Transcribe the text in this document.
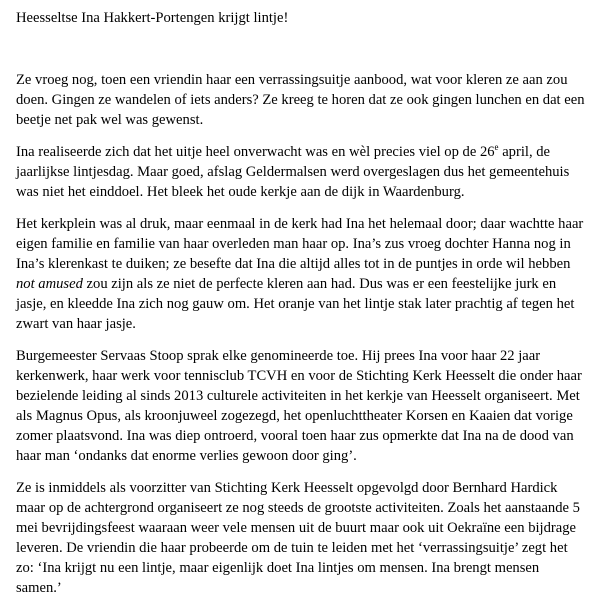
Heesseltse Ina Hakkert-Portengen krijgt lintje!
Ze vroeg nog, toen een vriendin haar een verrassingsuitje aanbood, wat voor kleren ze aan zou
doen. Gingen ze wandelen of iets anders? Ze kreeg te horen dat ze ook gingen lunchen en dat een
beetje net pak wel was gewenst.
Ina realiseerde zich dat het uitje heel onverwacht was en wèl precies viel op de 26e april, de
jaarlijkse lintjesdag. Maar goed, afslag Geldermalsen werd overgeslagen dus het gemeentehuis
was niet het einddoel. Het bleek het oude kerkje aan de dijk in Waardenburg.
Het kerkplein was al druk, maar eenmaal in de kerk had Ina het helemaal door; daar wachtte haar
eigen familie en familie van haar overleden man haar op. Ina’s zus vroeg dochter Hanna nog in
Ina’s klerenkast te duiken; ze besefte dat Ina die altijd alles tot in de puntjes in orde wil hebben
not amused zou zijn als ze niet de perfecte kleren aan had. Dus was er een feestelijke jurk en
jasje, en kleedde Ina zich nog gauw om. Het oranje van het lintje stak later prachtig af tegen het
zwart van haar jasje.
Burgemeester Servaas Stoop sprak elke genomineerde toe. Hij prees Ina voor haar 22 jaar
kerkenwerk, haar werk voor tennisclub TCVH en voor de Stichting Kerk Heesselt die onder haar
bezielende leiding al sinds 2013 culturele activiteiten in het kerkje van Heesselt organiseert. Met
als Magnus Opus, als kroonjuweel zogezegd, het openluchttheater Korsen en Kaaien dat vorige
zomer plaatsvond. Ina was diep ontroerd, vooral toen haar zus opmerkte dat Ina na de dood van
haar man ‘ondanks dat enorme verlies gewoon door ging’.
Ze is inmiddels als voorzitter van Stichting Kerk Heesselt opgevolgd door Bernhard Hardick
maar op de achtergrond organiseert ze nog steeds de grootste activiteiten. Zoals het aanstaande 5
mei bevrijdingsfeest waaraan weer vele mensen uit de buurt maar ook uit Oekraïne een bijdrage
leveren. De vriendin die haar probeerde om de tuin te leiden met het ‘verrassingsuitje’ zegt het
zo: ‘Ina krijgt nu een lintje, maar eigenlijk doet Ina lintjes om mensen. Ina brengt mensen
samen.’
